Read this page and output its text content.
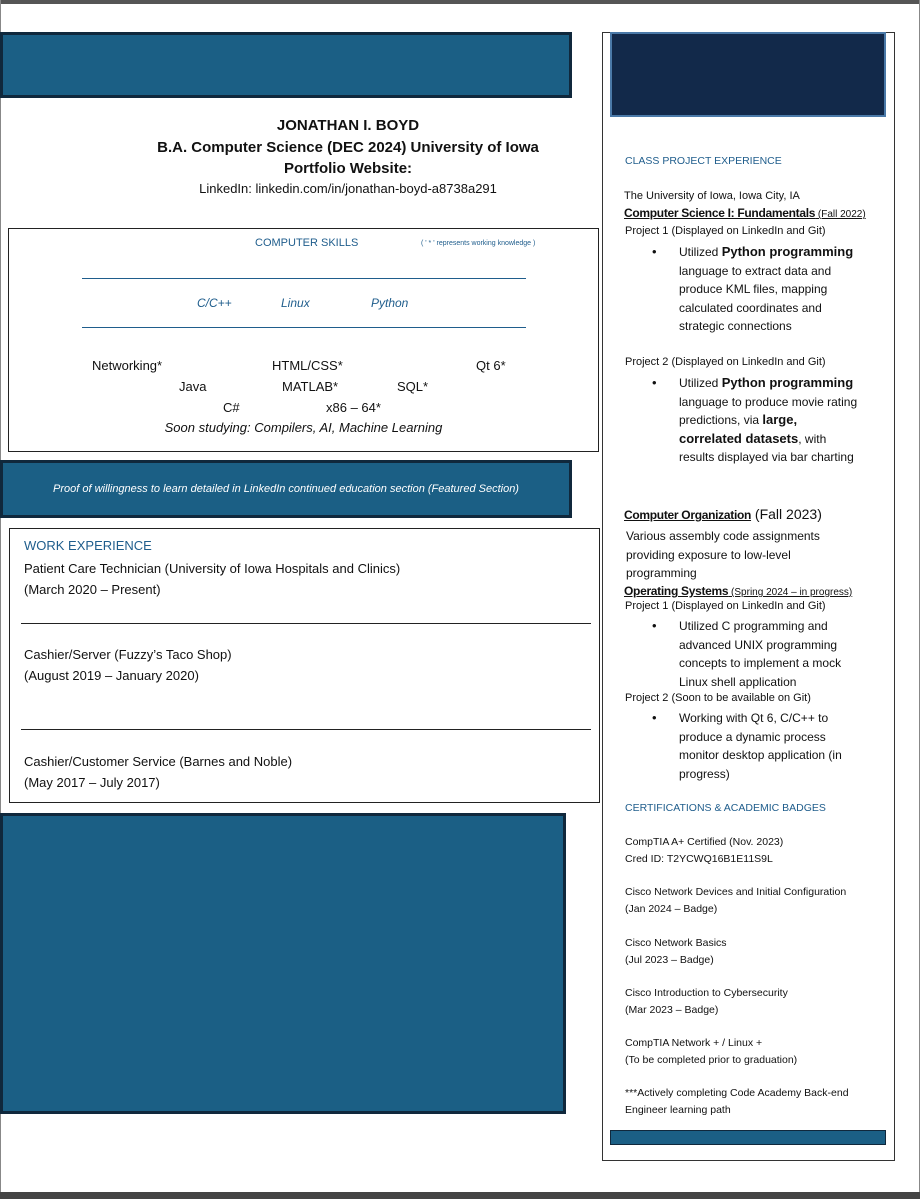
JONATHAN I. BOYD
B.A. Computer Science (DEC 2024) University of Iowa
Portfolio Website:
LinkedIn: linkedin.com/in/jonathan-boyd-a8738a291
COMPUTER SKILLS	( ' * ' represents working knowledge )
C/C++	Linux	Python
Networking*	HTML/CSS*	Qt 6*
Java	MATLAB*	SQL*
C#	x86 – 64*
Soon studying: Compilers, AI, Machine Learning
Proof of willingness to learn detailed in LinkedIn continued education section (Featured Section)
WORK EXPERIENCE
Patient Care Technician (University of Iowa Hospitals and Clinics)
(March 2020 – Present)
Cashier/Server (Fuzzy’s Taco Shop)
(August 2019 – January 2020)
Cashier/Customer Service (Barnes and Noble)
(May 2017 – July 2017)
CLASS PROJECT EXPERIENCE
The University of Iowa, Iowa City, IA
Computer Science I: Fundamentals (Fall 2022)
Project 1 (Displayed on LinkedIn and Git)
• Utilized Python programming language to extract data and produce KML files, mapping calculated coordinates and strategic connections
Project 2 (Displayed on LinkedIn and Git)
• Utilized Python programming language to produce movie rating predictions, via large, correlated datasets, with results displayed via bar charting
Computer Organization (Fall 2023)
Various assembly code assignments providing exposure to low-level programming
Operating Systems (Spring 2024 – in progress)
Project 1 (Displayed on LinkedIn and Git)
• Utilized C programming and advanced UNIX programming concepts to implement a mock Linux shell application
Project 2 (Soon to be available on Git)
• Working with Qt 6, C/C++ to produce a dynamic process monitor desktop application (in progress)
CERTIFICATIONS & ACADEMIC BADGES
CompTIA A+ Certified (Nov. 2023)
Cred ID: T2YCWQ16B1E11S9L
Cisco Network Devices and Initial Configuration
(Jan 2024 – Badge)
Cisco Network Basics
(Jul 2023 – Badge)
Cisco Introduction to Cybersecurity
(Mar 2023 – Badge)
CompTIA Network + / Linux +
(To be completed prior to graduation)
***Actively completing Code Academy Back-end
Engineer learning path
